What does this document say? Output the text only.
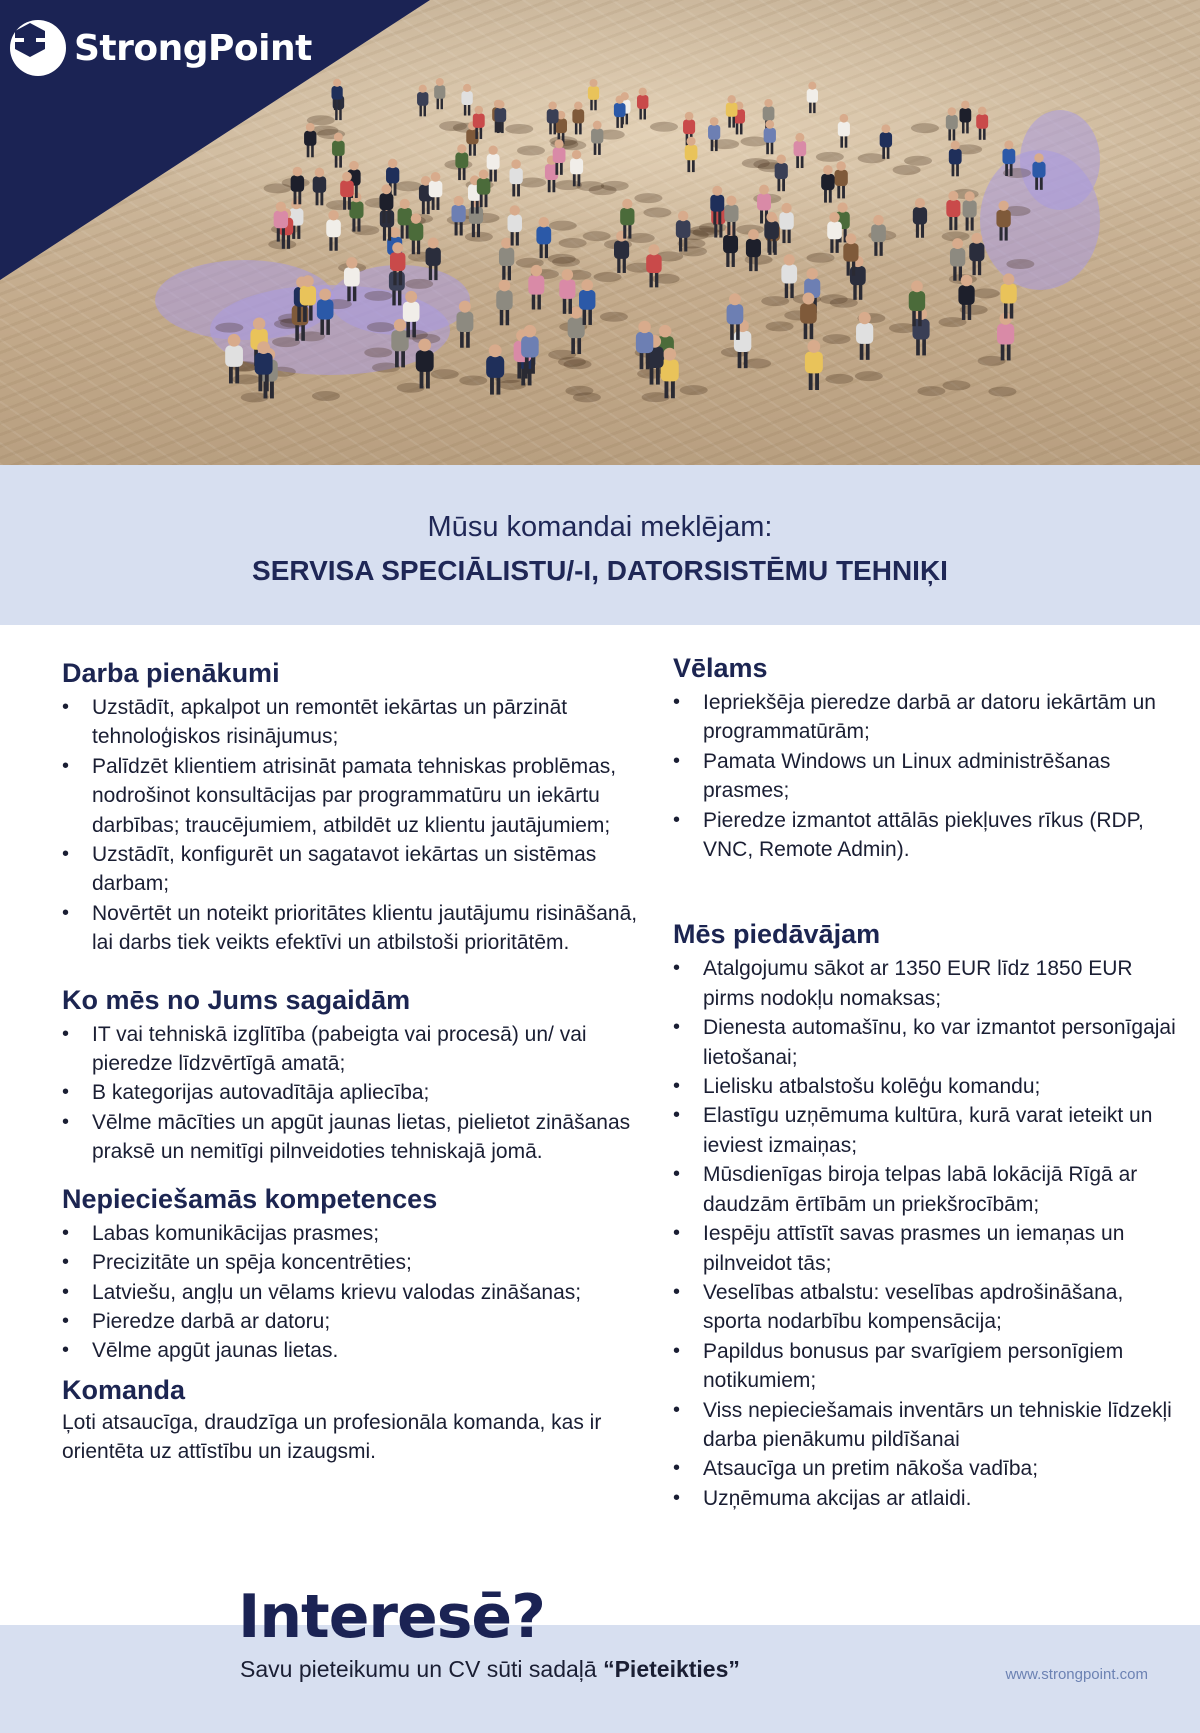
StrongPoint
Mūsu komandai meklējam:
SERVISA SPECIĀLISTU/-I, DATORSISTĒMU TEHNIĶI
Darba pienākumi
• Uzstādīt, apkalpot un remontēt iekārtas un pārzināt tehnoloģiskos risinājumus;
• Palīdzēt klientiem atrisināt pamata tehniskas problēmas, nodrošinot konsultācijas par programmatūru un iekārtu darbības; traucējumiem, atbildēt uz klientu jautājumiem;
• Uzstādīt, konfigurēt un sagatavot iekārtas un sistēmas darbam;
• Novērtēt un noteikt prioritātes klientu jautājumu risināšanā, lai darbs tiek veikts efektīvi un atbilstoši prioritātēm.
Ko mēs no Jums sagaidām
• IT vai tehniskā izglītība (pabeigta vai procesā) un/ vai pieredze līdzvērtīgā amatā;
• B kategorijas autovadītāja apliecība;
• Vēlme mācīties un apgūt jaunas lietas, pielietot zināšanas praksē un nemitīgi pilnveidoties tehniskajā jomā.
Nepieciešamās kompetences
• Labas komunikācijas prasmes;
• Precizitāte un spēja koncentrēties;
• Latviešu, angļu un vēlams krievu valodas zināšanas;
• Pieredze darbā ar datoru;
• Vēlme apgūt jaunas lietas.
Komanda
Ļoti atsaucīga, draudzīga un profesionāla komanda, kas ir orientēta uz attīstību un izaugsmi.
Vēlams
• Iepriekšēja pieredze darbā ar datoru iekārtām un programmatūrām;
• Pamata Windows un Linux administrēšanas prasmes;
• Pieredze izmantot attālās piekļuves rīkus (RDP, VNC, Remote Admin).
Mēs piedāvājam
• Atalgojumu sākot ar 1350 EUR līdz 1850 EUR pirms nodokļu nomaksas;
• Dienesta automašīnu, ko var izmantot personīgajai lietošanai;
• Lielisku atbalstošu kolēģu komandu;
• Elastīgu uzņēmuma kultūra, kurā varat ieteikt un ieviest izmaiņas;
• Mūsdienīgas biroja telpas labā lokācijā Rīgā ar daudzām ērtībām un priekšrocībām;
• Iespēju attīstīt savas prasmes un iemaņas un pilnveidot tās;
• Veselības atbalstu: veselības apdrošināšana, sporta nodarbību kompensācija;
• Papildus bonusus par svarīgiem personīgiem notikumiem;
• Viss nepieciešamais inventārs un tehniskie līdzekļi darba pienākumu pildīšanai
• Atsaucīga un pretim nākoša vadība;
• Uzņēmuma akcijas ar atlaidi.
Interesē?
Savu pieteikumu un CV sūti sadaļā “Pieteikties”	www.strongpoint.com
